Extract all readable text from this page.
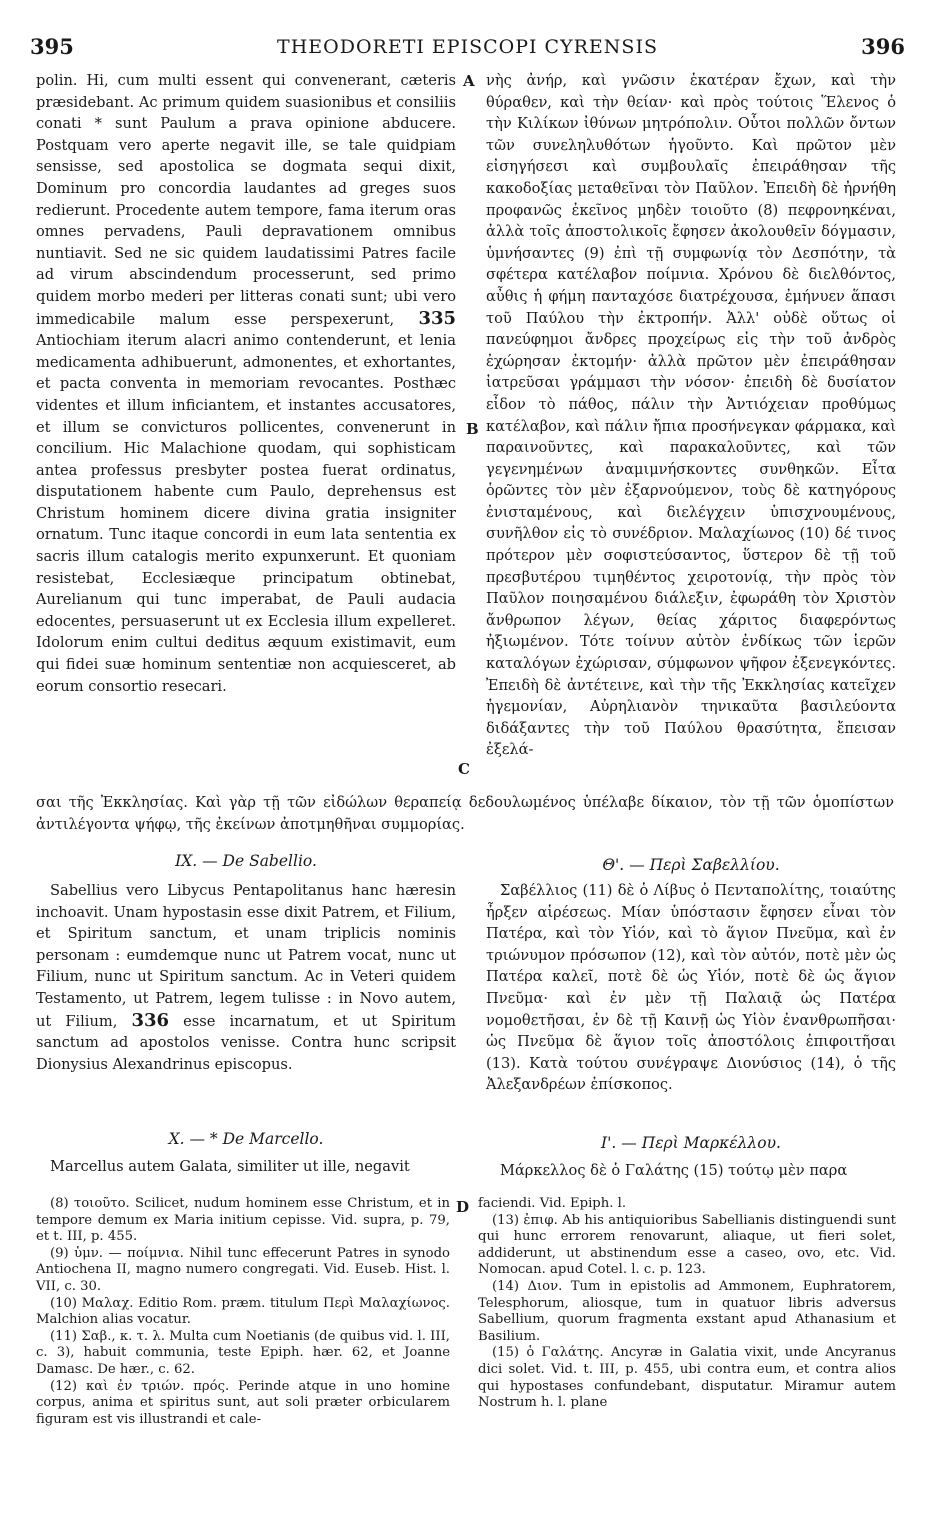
395	THEODORETI EPISCOPI CYRENSIS	396
A
B
C
D

polin. Hi, cum multi essent qui convenerant, cæteris præsidebant. Ac primum quidem suasionibus et consiliis conati * sunt Paulum a prava opinione abducere. Postquam vero aperte negavit ille, se tale quidpiam sensisse, sed apostolica se dogmata sequi dixit, Dominum pro concordia laudantes ad greges suos redierunt. Procedente autem tempore, fama iterum oras omnes pervadens, Pauli depravationem omnibus nuntiavit. Sed ne sic quidem laudatissimi Patres facile ad virum abscindendum processerunt, sed primo quidem morbo mederi per litteras conati sunt; ubi vero immedicabile malum esse perspexerunt, 335 Antiochiam iterum alacri animo contenderunt, et lenia medicamenta adhibuerunt, admonentes, et exhortantes, et pacta conventa in memoriam revocantes. Posthæc videntes et illum inficiantem, et instantes accusatores, et illum se convicturos pollicentes, convenerunt in concilium. Hic Malachione quodam, qui sophisticam antea professus presbyter postea fuerat ordinatus, disputationem habente cum Paulo, deprehensus est Christum hominem dicere divina gratia insigniter ornatum. Tunc itaque concordi in eum lata sententia ex sacris illum catalogis merito expunxerunt. Et quoniam resistebat, Ecclesiæque principatum obtinebat, Aurelianum qui tunc imperabat, de Pauli audacia edocentes, persuaserunt ut ex Ecclesia illum expelleret. Idolorum enim cultui deditus æquum existimavit, eum qui fidei suæ hominum sententiæ non acquiesceret, ab eorum consortio resecari.

νὴς ἀνήρ, καὶ γνῶσιν ἑκατέραν ἔχων, καὶ τὴν θύραθεν, καὶ τὴν θείαν· καὶ πρὸς τούτοις Ἕλενος ὁ τὴν Κιλίκων ἰθύνων μητρόπολιν. Οὗτοι πολλῶν ὄντων τῶν συνεληλυθότων ἡγοῦντο. Καὶ πρῶτον μὲν εἰσηγήσεσι καὶ συμβουλαῖς ἐπειράθησαν τῆς κακοδοξίας μεταθεῖναι τὸν Παῦλον. Ἐπειδὴ δὲ ἠρνήθη προφανῶς ἐκεῖνος μηδὲν τοιοῦτο (8) πεφρονηκέναι, ἀλλὰ τοῖς ἀποστολικοῖς ἔφησεν ἀκολουθεῖν δόγμασιν, ὑμνήσαντες (9) ἐπὶ τῇ συμφωνίᾳ τὸν Δεσπότην, τὰ σφέτερα κατέλαβον ποίμνια. Χρόνου δὲ διελθόντος, αὖθις ἡ φήμη πανταχόσε διατρέχουσα, ἐμήνυεν ἅπασι τοῦ Παύλου τὴν ἐκτροπήν. Ἀλλ' οὐδὲ οὕτως οἱ πανεύφημοι ἄνδρες προχείρως εἰς τὴν τοῦ ἀνδρὸς ἐχώρησαν ἐκτομήν· ἀλλὰ πρῶτον μὲν ἐπειράθησαν ἰατρεῦσαι γράμμασι τὴν νόσον· ἐπειδὴ δὲ δυσίατον εἶδον τὸ πάθος, πάλιν τὴν Ἀντιόχειαν προθύμως κατέλαβον, καὶ πάλιν ἤπια προσήνεγκαν φάρμακα, καὶ παραινοῦντες, καὶ παρακαλοῦντες, καὶ τῶν γεγενημένων ἀναμιμνήσκοντες συνθηκῶν. Εἶτα ὁρῶντες τὸν μὲν ἐξαρνούμενον, τοὺς δὲ κατηγόρους ἐνισταμένους, καὶ διελέγχειν ὑπισχνουμένους, συνῆλθον εἰς τὸ συνέδριον. Μαλαχίωνος (10) δέ τινος πρότερον μὲν σοφιστεύσαντος, ὕστερον δὲ τῇ τοῦ πρεσβυτέρου τιμηθέντος χειροτονίᾳ, τὴν πρὸς τὸν Παῦλον ποιησαμένου διάλεξιν, ἐφωράθη τὸν Χριστὸν ἄνθρωπον λέγων, θείας χάριτος διαφερόντως ἠξιωμένον. Τότε τοίνυν αὐτὸν ἐνδίκως τῶν ἱερῶν καταλόγων ἐχώρισαν, σύμφωνον ψῆφον ἐξενεγκόντες. Ἐπειδὴ δὲ ἀντέτεινε, καὶ τὴν τῆς Ἐκκλησίας κατεῖχεν ἡγεμονίαν, Αὐρηλιανὸν τηνικαῦτα βασιλεύοντα διδάξαντες τὴν τοῦ Παύλου θρασύτητα, ἔπεισαν ἐξελά-

σαι τῆς Ἐκκλησίας. Καὶ γὰρ τῇ τῶν εἰδώλων θεραπείᾳ δεδουλωμένος ὑπέλαβε δίκαιον, τὸν τῇ τῶν ὁμοπίστων ἀντιλέγοντα ψήφῳ, τῆς ἐκείνων ἀποτμηθῆναι συμμορίας.

IX. — De Sabellio.	Θ'. — Περὶ Σαβελλίου.

Sabellius vero Libycus Pentapolitanus hanc hæresin inchoavit. Unam hypostasin esse dixit Patrem, et Filium, et Spiritum sanctum, et unam triplicis nominis personam : eumdemque nunc ut Patrem vocat, nunc ut Filium, nunc ut Spiritum sanctum. Ac in Veteri quidem Testamento, ut Patrem, legem tulisse : in Novo autem, ut Filium, 336 esse incarnatum, et ut Spiritum sanctum ad apostolos venisse. Contra hunc scripsit Dionysius Alexandrinus episcopus.

Σαβέλλιος (11) δὲ ὁ Λίβυς ὁ Πενταπολίτης, τοιαύτης ἦρξεν αἱρέσεως. Μίαν ὑπόστασιν ἔφησεν εἶναι τὸν Πατέρα, καὶ τὸν Υἱόν, καὶ τὸ ἅγιον Πνεῦμα, καὶ ἐν τριώνυμον πρόσωπον (12), καὶ τὸν αὐτόν, ποτὲ μὲν ὡς Πατέρα καλεῖ, ποτὲ δὲ ὡς Υἱόν, ποτὲ δὲ ὡς ἅγιον Πνεῦμα· καὶ ἐν μὲν τῇ Παλαιᾷ ὡς Πατέρα νομοθετῆσαι, ἐν δὲ τῇ Καινῇ ὡς Υἱὸν ἐνανθρωπῆσαι· ὡς Πνεῦμα δὲ ἅγιον τοῖς ἀποστόλοις ἐπιφοιτῆσαι (13). Κατὰ τούτου συνέγραψε Διονύσιος (14), ὁ τῆς Ἀλεξανδρέων ἐπίσκοπος.

X. — * De Marcello.	Ι'. — Περὶ Μαρκέλλου.

Marcellus autem Galata, similiter ut ille, negavit	Μάρκελλος δὲ ὁ Γαλάτης (15) τούτῳ μὲν παρα

(8) τοιοῦτο. Scilicet, nudum hominem esse Christum, et in tempore demum ex Maria initium cepisse. Vid. supra, p. 79, et t. III, p. 455.

(9) ὑμν. — ποίμνια. Nihil tunc effecerunt Patres in synodo Antiochena II, magno numero congregati. Vid. Euseb. Hist. l. VII, c. 30.

(10) Μαλαχ. Editio Rom. præm. titulum Περὶ Μαλαχίωνος. Malchion alias vocatur.

(11) Σαβ., κ. τ. λ. Multa cum Noetianis (de quibus vid. l. III, c. 3), habuit communia, teste Epiph. hær. 62, et Joanne Damasc. De hær., c. 62.

(12) καὶ ἐν τριών. πρός. Perinde atque in uno homine corpus, anima et spiritus sunt, aut soli præter orbicularem figuram est vis illustrandi et cale-

faciendi. Vid. Epiph. l.

(13) ἐπιφ. Ab his antiquioribus Sabellianis distinguendi sunt qui hunc errorem renovarunt, aliaque, ut fieri solet, addiderunt, ut abstinendum esse a caseo, ovo, etc. Vid. Nomocan. apud Cotel. l. c. p. 123.

(14) Διον. Tum in epistolis ad Ammonem, Euphratorem, Telesphorum, aliosque, tum in quatuor libris adversus Sabellium, quorum fragmenta exstant apud Athanasium et Basilium.

(15) ὁ Γαλάτης. Ancyræ in Galatia vixit, unde Ancyranus dici solet. Vid. t. III, p. 455, ubi contra eum, et contra alios qui hypostases confundebant, disputatur. Miramur autem Nostrum h. l. plane
